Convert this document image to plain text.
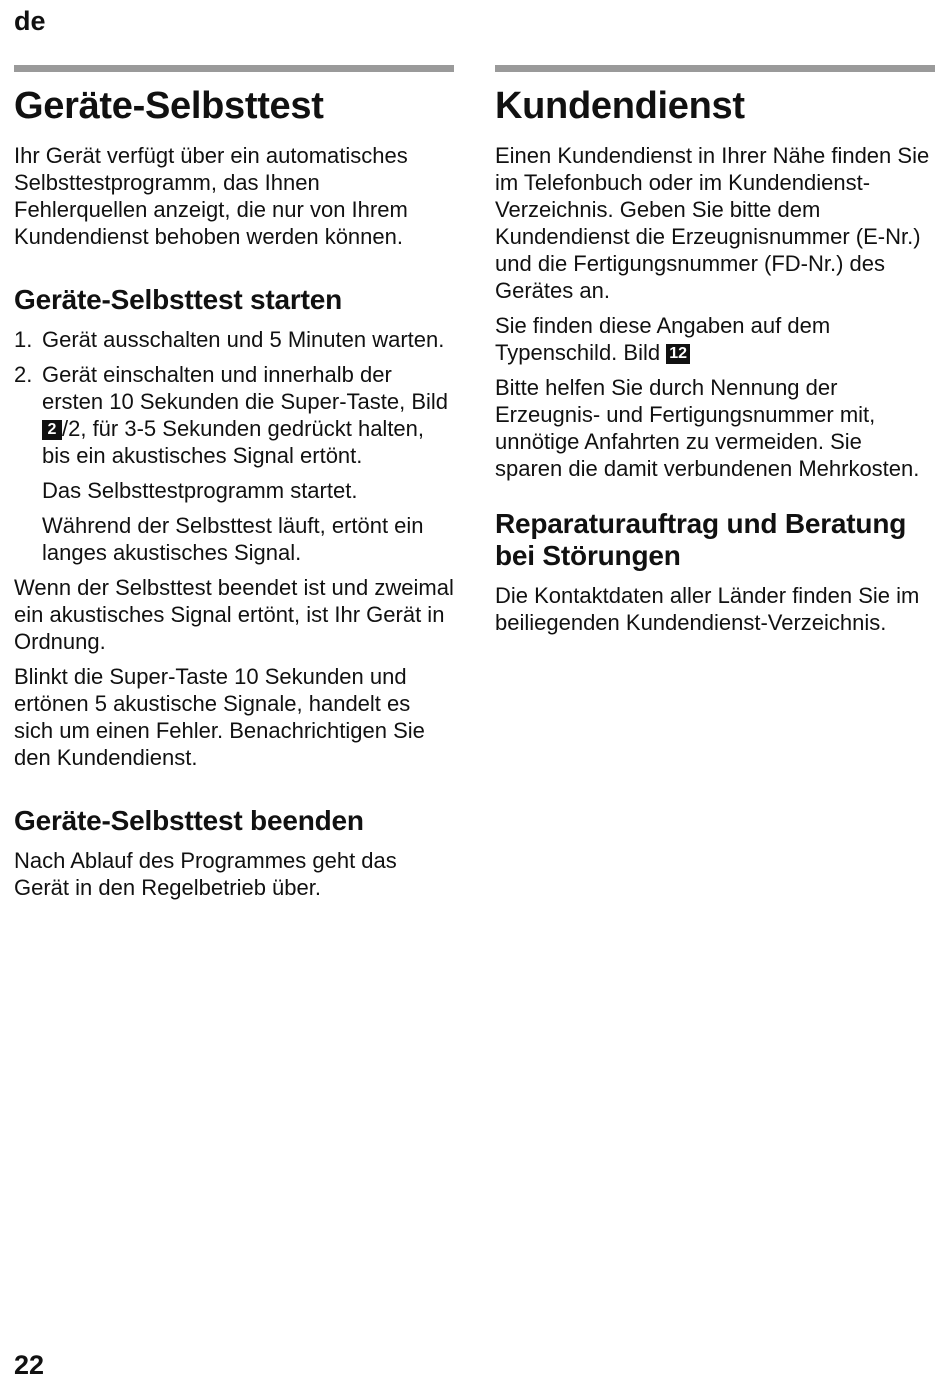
de
Geräte-Selbsttest

Ihr Gerät verfügt über ein automatisches Selbsttestprogramm, das Ihnen Fehlerquellen anzeigt, die nur von Ihrem Kundendienst behoben werden können.

Geräte-Selbsttest starten
1. Gerät ausschalten und 5 Minuten warten.
2. Gerät einschalten und innerhalb der ersten 10 Sekunden die Super-Taste, Bild 2 /2, für 3-5 Sekunden gedrückt halten, bis ein akustisches Signal ertönt.

Das Selbsttestprogramm startet.

Während der Selbsttest läuft, ertönt ein langes akustisches Signal.

Wenn der Selbsttest beendet ist und zweimal ein akustisches Signal ertönt, ist Ihr Gerät in Ordnung.

Blinkt die Super-Taste 10 Sekunden und ertönen 5 akustische Signale, handelt es sich um einen Fehler. Benachrichtigen Sie den Kundendienst.

Geräte-Selbsttest beenden

Nach Ablauf des Programmes geht das Gerät in den Regelbetrieb über.

Kundendienst

Einen Kundendienst in Ihrer Nähe finden Sie im Telefonbuch oder im Kundendienst-Verzeichnis. Geben Sie bitte dem Kundendienst die Erzeugnisnummer (E-Nr.) und die Fertigungsnummer (FD-Nr.) des Gerätes an.

Sie finden diese Angaben auf dem Typenschild. Bild 12

Bitte helfen Sie durch Nennung der Erzeugnis- und Fertigungsnummer mit, unnötige Anfahrten zu vermeiden. Sie sparen die damit verbundenen Mehrkosten.

Reparaturauftrag und Beratung bei Störungen

Die Kontaktdaten aller Länder finden Sie im beiliegenden Kundendienst-Verzeichnis.

22
